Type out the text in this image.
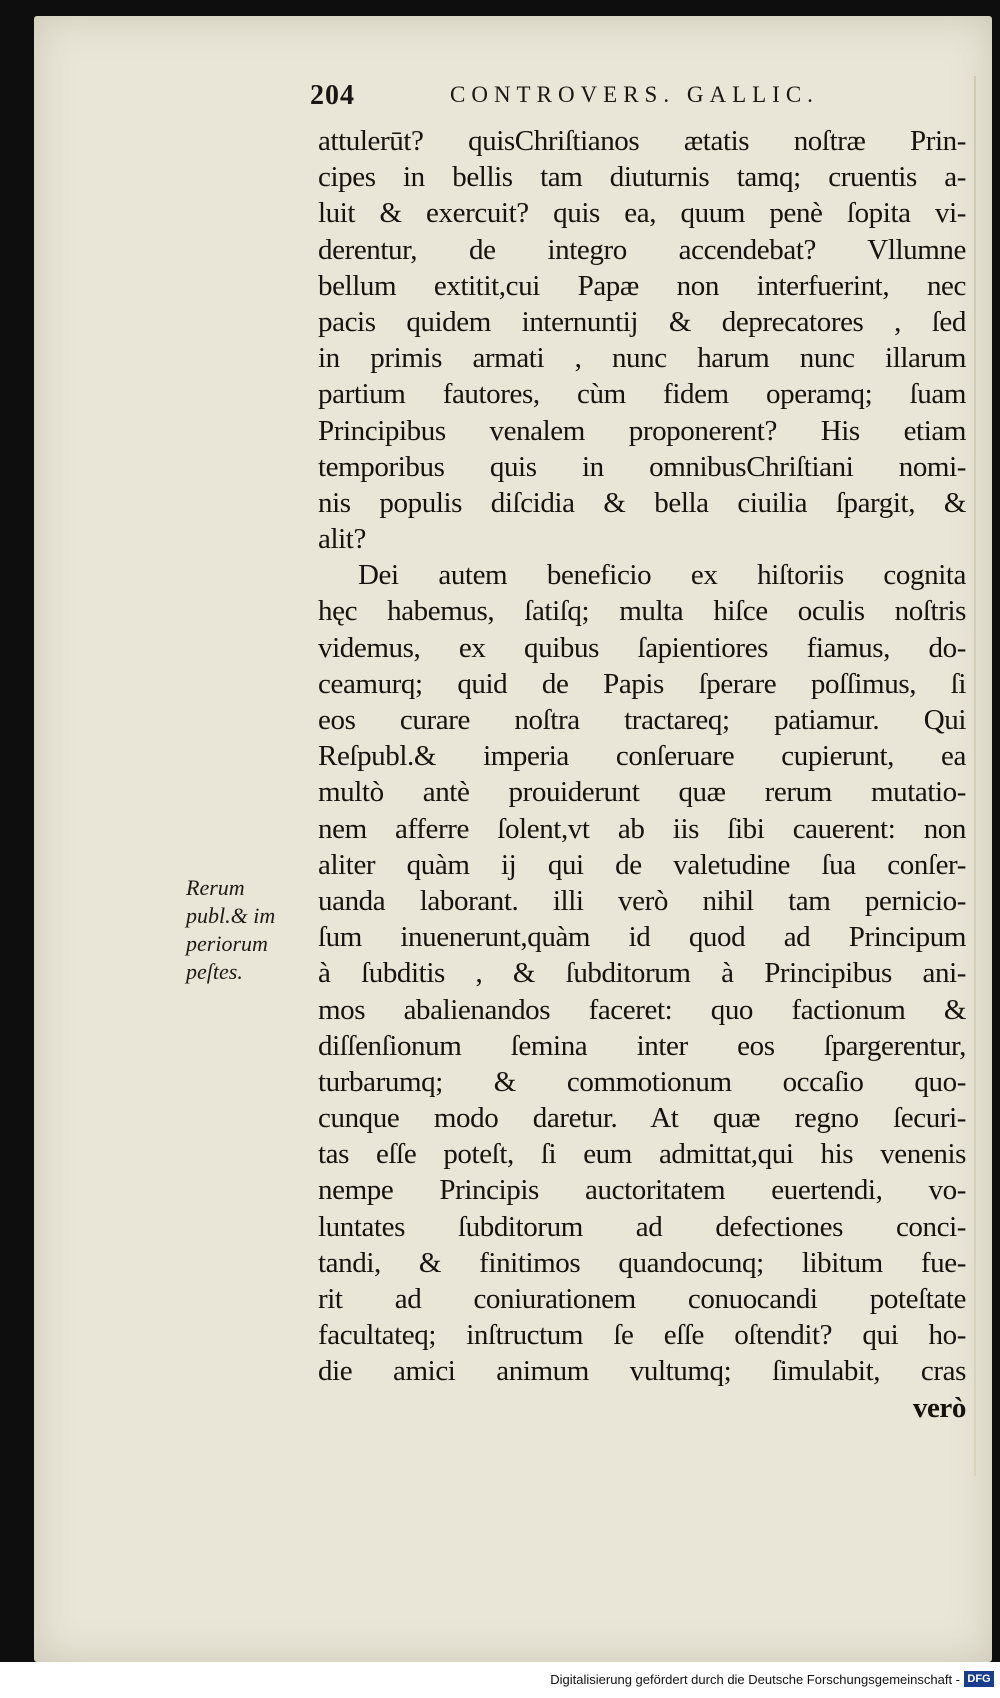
204	CONTROVERS. GALLIC.
attulerūt? quisChriſtianos ætatis noſtræ Prin-
cipes in bellis tam diuturnis tamq; cruentis a-
luit & exercuit? quis ea, quum penè ſopita vi-
derentur, de integro accendebat? Vllumne
bellum extitit,cui Papæ non interfuerint, nec
pacis quidem internuntij & deprecatores , ſed
in primis armati , nunc harum nunc illarum
partium fautores, cùm fidem operamq; ſuam
Principibus venalem proponerent? His etiam
temporibus quis in omnibusChriſtiani nomi-
nis populis diſcidia & bella ciuilia ſpargit, &
alit?
Dei autem beneficio ex hiſtoriis cognita
hęc habemus, ſatiſq; multa hiſce oculis noſtris
videmus, ex quibus ſapientiores fiamus, do-
ceamurq; quid de Papis ſperare poſſimus, ſi
eos curare noſtra tractareq; patiamur. Qui
Reſpubl.& imperia conſeruare cupierunt, ea
multò antè prouiderunt quæ rerum mutatio-
nem afferre ſolent,vt ab iis ſibi cauerent: non
aliter quàm ij qui de valetudine ſua conſer-
uanda laborant. illi verò nihil tam pernicio-
ſum inuenerunt,quàm id quod ad Principum
à ſubditis , & ſubditorum à Principibus ani-
mos abalienandos faceret: quo factionum &
diſſenſionum ſemina inter eos ſpargerentur,
turbarumq; & commotionum occaſio quo-
cunque modo daretur. At quæ regno ſecuri-
tas eſſe poteſt, ſi eum admittat,qui his venenis
nempe Principis auctoritatem euertendi, vo-
luntates ſubditorum ad defectiones conci-
tandi, & finitimos quandocunq; libitum fue-
rit ad coniurationem conuocandi poteſtate
facultateq; inſtructum ſe eſſe oſtendit? qui ho-
die amici animum vultumq; ſimulabit, cras
verò
Rerum
publ.& im
periorum
peſtes.
Digitalisierung gefördert durch die Deutsche Forschungsgemeinschaft - DFG
